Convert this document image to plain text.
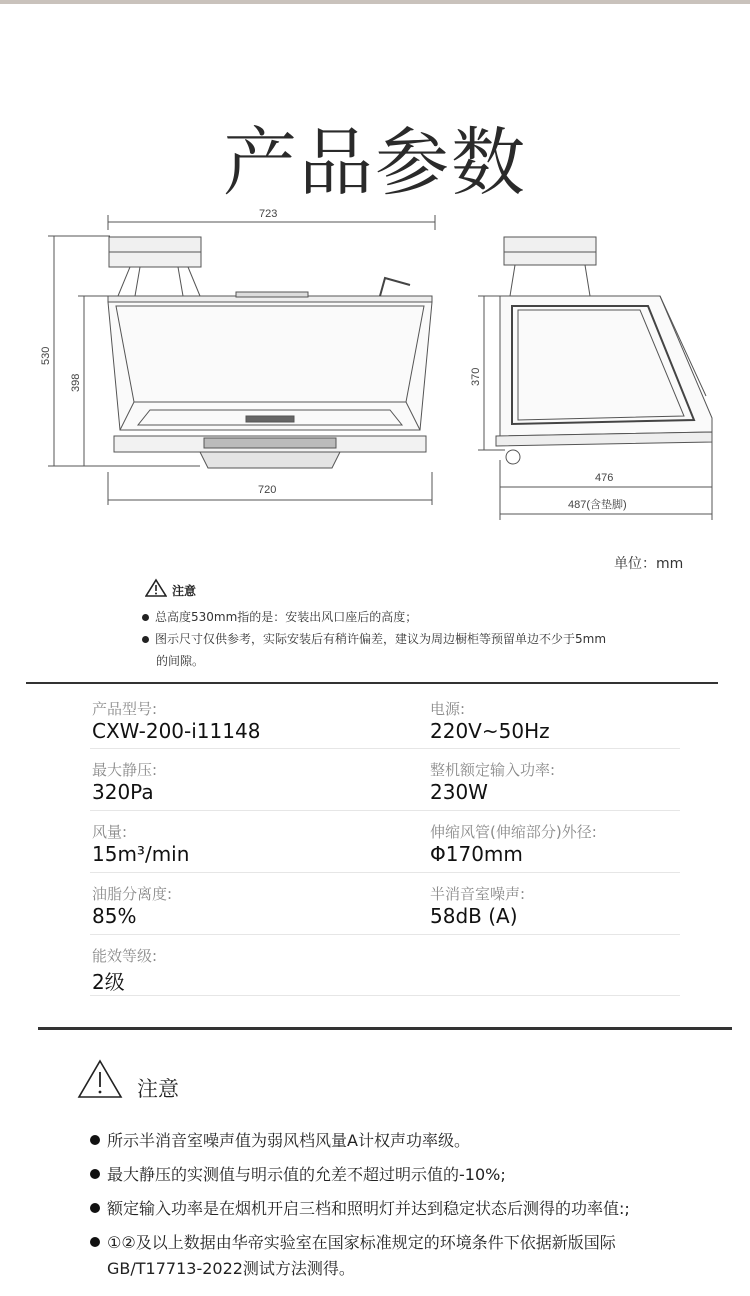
产品参数
723
720
530
398	370
476
487(含垫脚)
单位：mm
注意
总高度530mm指的是：安装出风口座后的高度；
图示尺寸仅供参考，实际安装后有稍许偏差，建议为周边橱柜等预留单边不少于5mm
的间隙。
产品型号:
CXW-200-i11148
电源:
220V~50Hz
最大静压:
320Pa
整机额定输入功率:
230W
风量:
15m³/min
伸缩风管(伸缩部分)外径:
Φ170mm
油脂分离度:
85%
半消音室噪声:
58dB (A)
能效等级:
2级
注意
所示半消音室噪声值为弱风档风量A计权声功率级。
最大静压的实测值与明示值的允差不超过明示值的-10%;
额定输入功率是在烟机开启三档和照明灯并达到稳定状态后测得的功率值:;
①②及以上数据由华帝实验室在国家标准规定的环境条件下依据新版国际
GB/T17713-2022测试方法测得。
